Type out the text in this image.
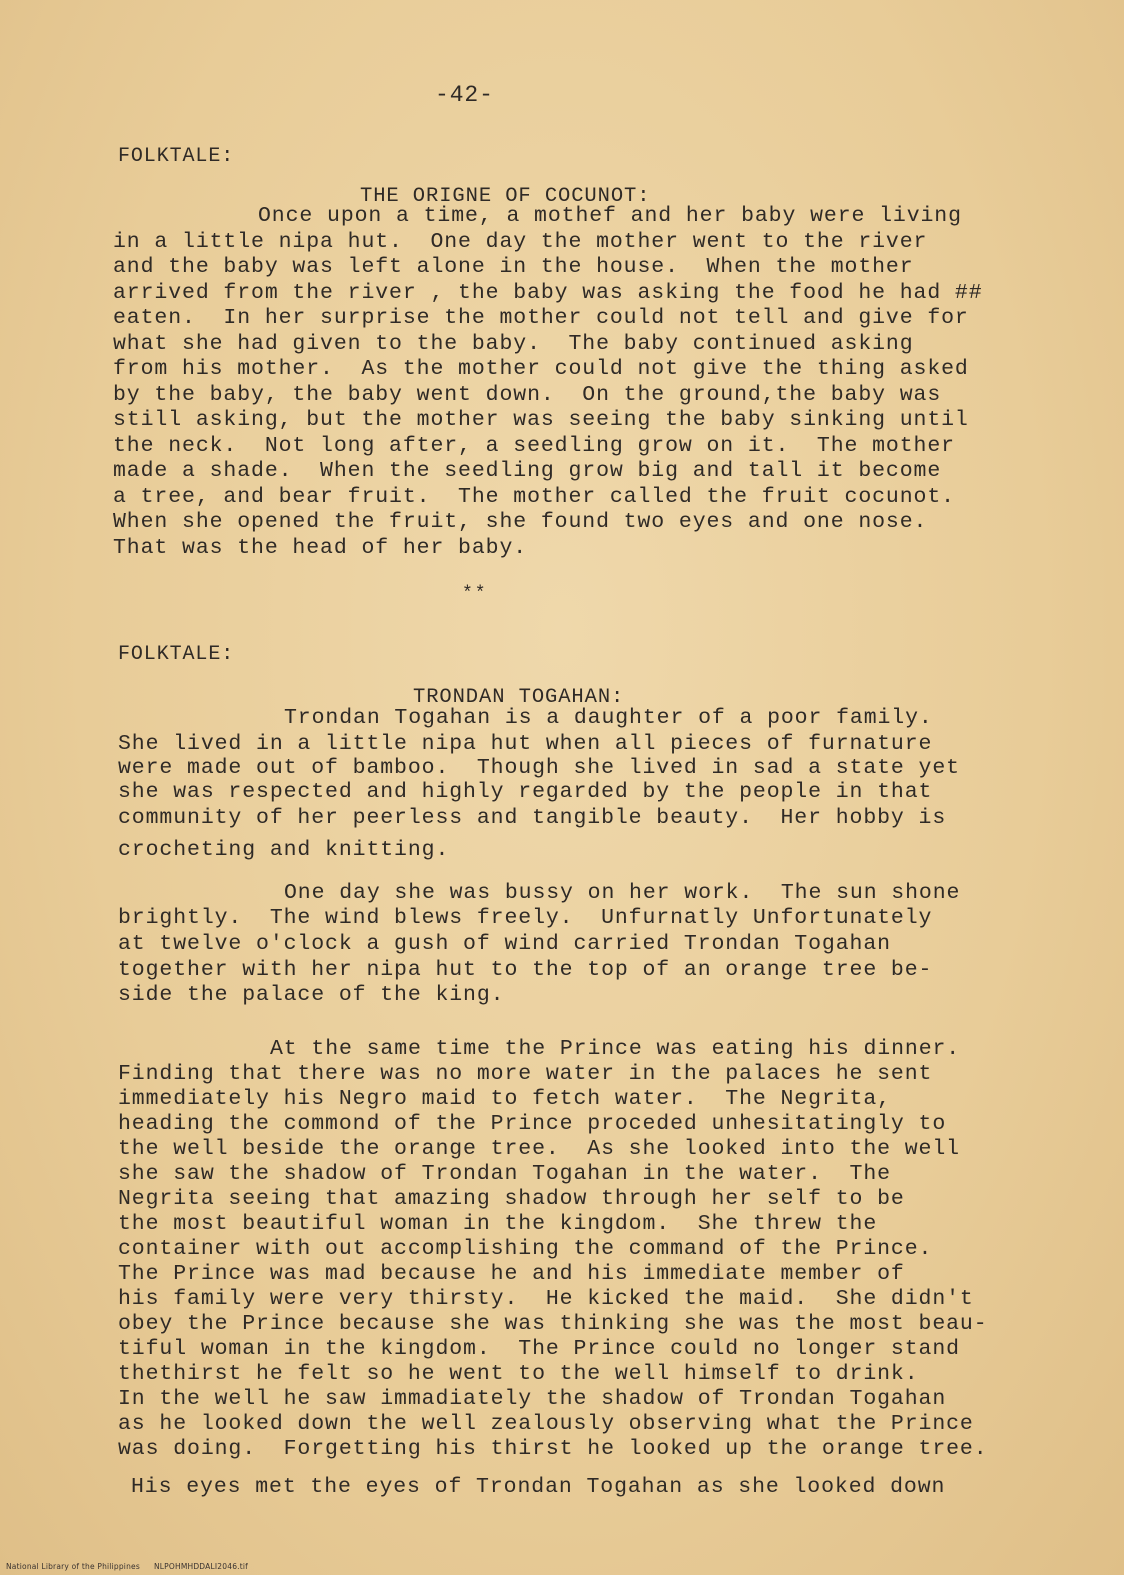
-42-
FOLKTALE:
THE ORIGNE OF COCUNOT:
Once upon a time, a mothef and her baby were living
in a little nipa hut.  One day the mother went to the river
and the baby was left alone in the house.  When the mother
arrived from the river , the baby was asking the food he had ##
eaten.  In her surprise the mother could not tell and give for
what she had given to the baby.  The baby continued asking
from his mother.  As the mother could not give the thing asked
by the baby, the baby went down.  On the ground,the baby was
still asking, but the mother was seeing the baby sinking until
the neck.  Not long after, a seedling grow on it.  The mother
made a shade.  When the seedling grow big and tall it become
a tree, and bear fruit.  The mother called the fruit cocunot.
When she opened the fruit, she found two eyes and one nose.
That was the head of her baby.
**
FOLKTALE:
TRONDAN TOGAHAN:
Trondan Togahan is a daughter of a poor family.
She lived in a little nipa hut when all pieces of furnature
were made out of bamboo.  Though she lived in sad a state yet
she was respected and highly regarded by the people in that
community of her peerless and tangible beauty.  Her hobby is
crocheting and knitting.
One day she was bussy on her work.  The sun shone
brightly.  The wind blews freely.  Unfurnatly Unfortunately
at twelve o'clock a gush of wind carried Trondan Togahan
together with her nipa hut to the top of an orange tree be-
side the palace of the king.
At the same time the Prince was eating his dinner.
Finding that there was no more water in the palaces he sent
immediately his Negro maid to fetch water.  The Negrita,
heading the commond of the Prince proceded unhesitatingly to
the well beside the orange tree.  As she looked into the well
she saw the shadow of Trondan Togahan in the water.  The
Negrita seeing that amazing shadow through her self to be
the most beautiful woman in the kingdom.  She threw the
container with out accomplishing the command of the Prince.
The Prince was mad because he and his immediate member of
his family were very thirsty.  He kicked the maid.  She didn't
obey the Prince because she was thinking she was the most beau-
tiful woman in the kingdom.  The Prince could no longer stand
thethirst he felt so he went to the well himself to drink.
In the well he saw immadiately the shadow of Trondan Togahan
as he looked down the well zealously observing what the Prince
was doing.  Forgetting his thirst he looked up the orange tree.
His eyes met the eyes of Trondan Togahan as she looked down
National Library of the Philippines NLPOHMHDDALI2046.tif
